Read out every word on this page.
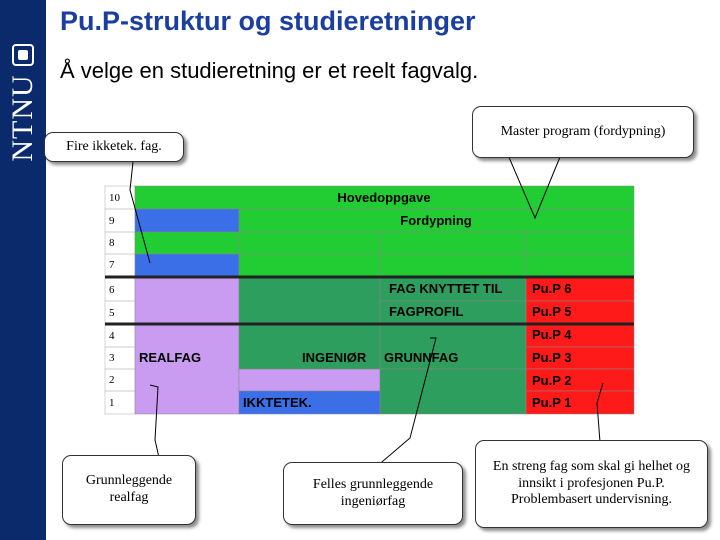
NTNU
Pu.P-struktur og studieretninger

Å velge en studieretning er et reelt fagvalg.

10
9
8
7
6
5
4
3
2
1
Hovedoppgave
Fordypning
FAG KNYTTET TIL
FAGPROFIL
REALFAG	INGENIØR GRUNNFAG
IKKTETEK.
Pu.P 6
Pu.P 5
Pu.P 4
Pu.P 3
Pu.P 2
Pu.P 1
Master program (fordypning)
Fire ikketek. fag.
Grunnleggende realfag
Felles grunnleggende ingeniørfag
En streng fag som skal gi helhet og innsikt i profesjonen Pu.P. Problembasert undervisning.
